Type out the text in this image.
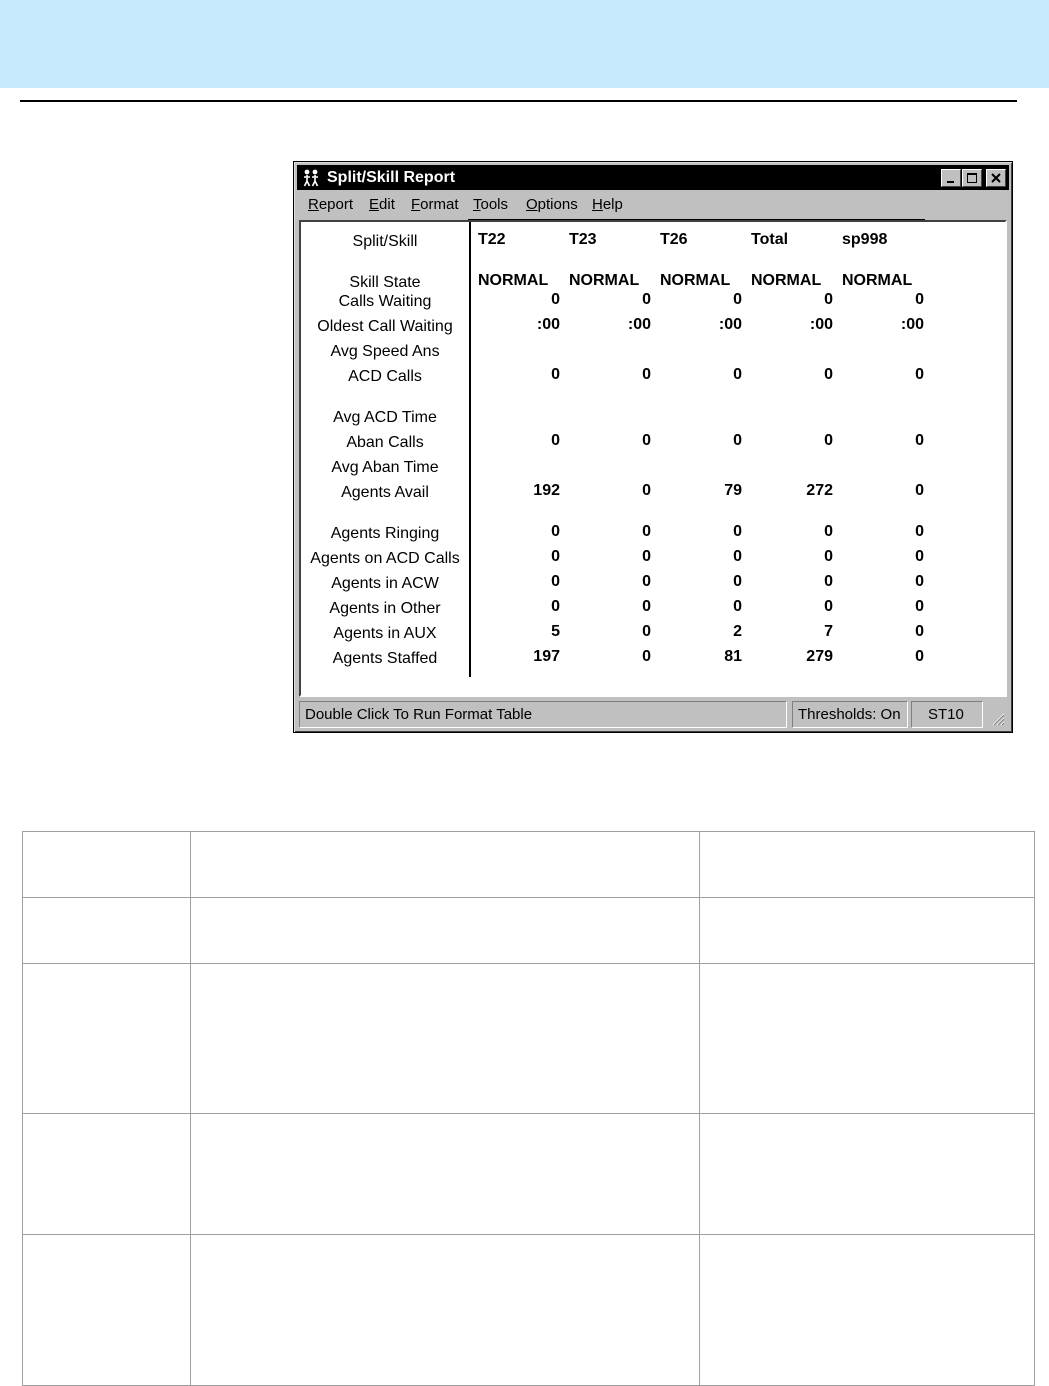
Split/Skill Report
Report Edit Format Tools Options Help
Split/Skill	T22	T23	T26	Total	sp998
Skill State	NORMAL NORMAL NORMAL NORMAL NORMAL
Calls Waiting	0	0	0	0	0
Oldest Call Waiting	:00	:00	:00	:00	:00
Avg Speed Ans
ACD Calls	0	0	0	0	0
Avg ACD Time
Aban Calls	0	0	0	0	0
Avg Aban Time
Agents Avail	192	0	79	272	0
Agents Ringing	0	0	0	0	0
Agents on ACD Calls	0	0	0	0	0
Agents in ACW	0	0	0	0	0
Agents in Other	0	0	0	0	0
Agents in AUX	5	0	2	7	0
Agents Staffed	197	0	81	279	0
Double Click To Run Format Table	Thresholds: On	ST10
